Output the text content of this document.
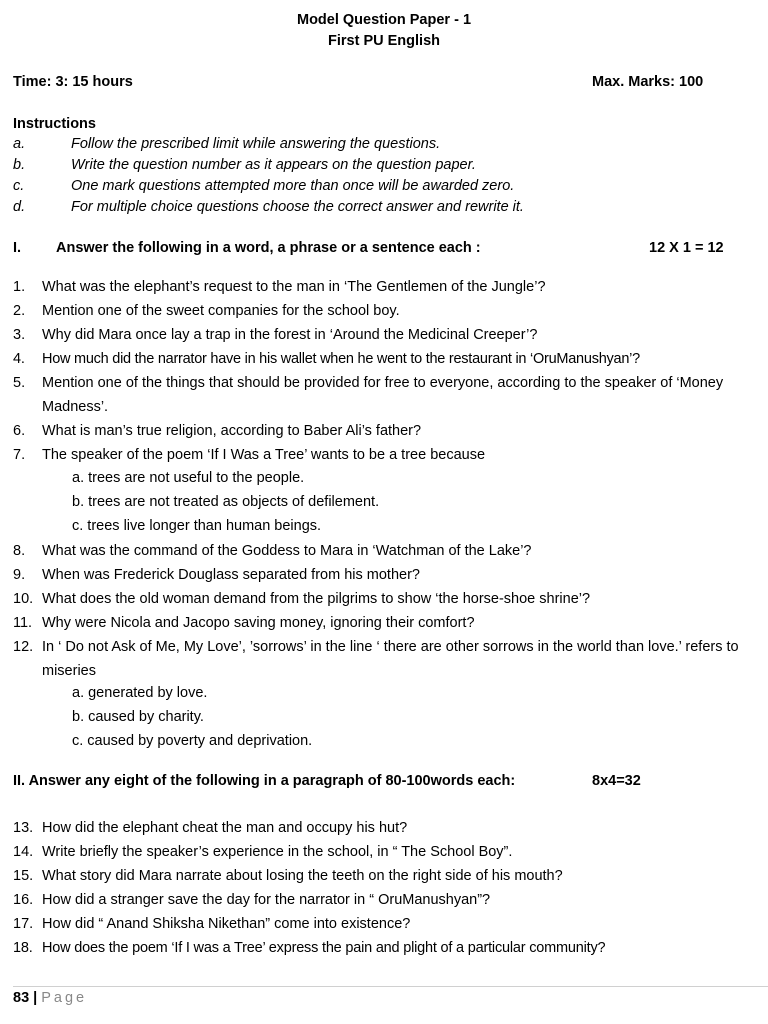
Model Question Paper - 1
First PU English
Time: 3: 15 hours	Max. Marks: 100
Instructions
a.	Follow the prescribed limit while answering the questions.
b.	Write the question number as it appears on the question paper.
c.	One mark questions attempted more than once will be awarded zero.
d.	For multiple choice questions choose the correct answer and rewrite it.
I. Answer the following in a word, a phrase or a sentence each :	12 X 1 = 12
1. What was the elephant’s request to the man in ‘The Gentlemen of the Jungle’?
2. Mention one of the sweet companies for the school boy.
3. Why did Mara once lay a trap in the forest in ‘Around the Medicinal Creeper’?
4. How much did the narrator have in his wallet when he went to the restaurant in ‘OruManushyan’?
5. Mention one of the things that should be provided for free to everyone, according to the speaker of ‘Money Madness’.
6. What is man’s true religion, according to Baber Ali’s father?
7. The speaker of the poem ‘If I Was a Tree’ wants to be a tree because
a. trees are not useful to the people.
b. trees are not treated as objects of defilement.
c. trees live longer than human beings.
8. What was the command of the Goddess to Mara in ‘Watchman of the Lake’?
9. When was Frederick Douglass separated from his mother?
10. What does the old woman demand from the pilgrims to show ‘the horse-shoe shrine’?
11. Why were Nicola and Jacopo saving money, ignoring their comfort?
12. In ‘ Do not Ask of Me, My Love’, ’sorrows’ in the line ‘ there are other sorrows in the world than love.’ refers to miseries
a. generated by love.
b. caused by charity.
c. caused by poverty and deprivation.
II. Answer any eight of the following in a paragraph of 80-100words each:	8x4=32
13. How did the elephant cheat the man and occupy his hut?
14. Write briefly the speaker’s experience in the school, in “ The School Boy”.
15. What story did Mara narrate about losing the teeth on the right side of his mouth?
16. How did a stranger save the day for the narrator in “ OruManushyan”?
17. How did “ Anand Shiksha Nikethan” come into existence?
18. How does the poem ‘If I was a Tree’ express the pain and plight of a particular community?
83 | Page
